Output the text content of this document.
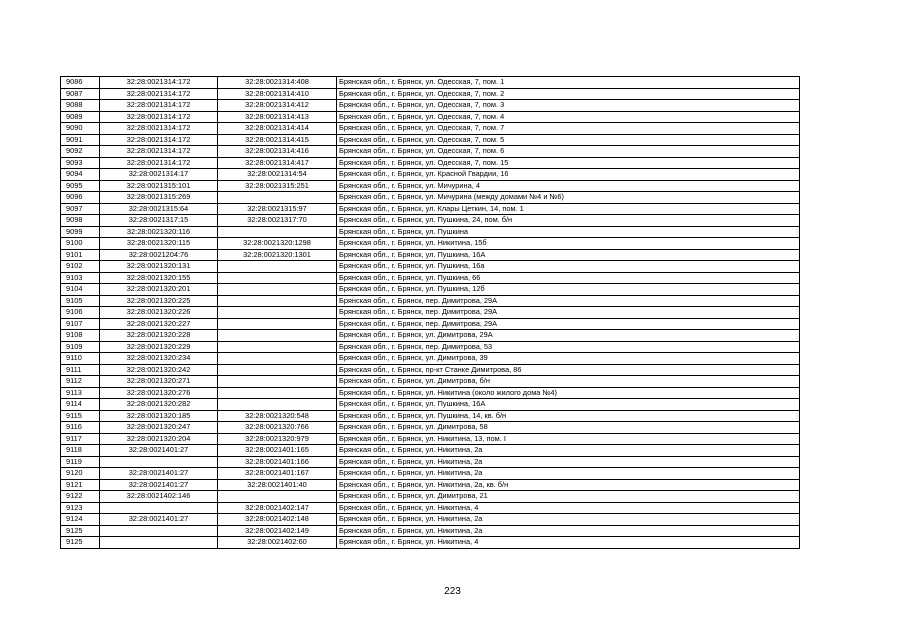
9086	32:28:0021314:172	32:28:0021314:408	Брянская обл., г. Брянск, ул. Одесская, 7, пом. 1
9087	32:28:0021314:172	32:28:0021314:410	Брянская обл., г. Брянск, ул. Одесская, 7, пом. 2
9088	32:28:0021314:172	32:28:0021314:412	Брянская обл., г. Брянск, ул. Одесская, 7, пом. 3
9089	32:28:0021314:172	32:28:0021314:413	Брянская обл., г. Брянск, ул. Одесская, 7, пом. 4
9090	32:28:0021314:172	32:28:0021314:414	Брянская обл., г. Брянск, ул. Одесская, 7, пом. 7
9091	32:28:0021314:172	32:28:0021314:415	Брянская обл., г. Брянск, ул. Одесская, 7, пом. 5
9092	32:28:0021314:172	32:28:0021314:416	Брянская обл., г. Брянск, ул. Одесская, 7, пом. 6
9093	32:28:0021314:172	32:28:0021314:417	Брянская обл., г. Брянск, ул. Одесская, 7, пом. 15
9094	32:28:0021314:17	32:28:0021314:54	Брянская обл., г. Брянск, ул. Красной Гвардии, 16
9095	32:28:0021315:101	32:28:0021315:251	Брянская обл., г. Брянск, ул. Мичурина, 4
9096	32:28:0021315:269		Брянская обл., г. Брянск, ул. Мичурина (между домами №4 и №6)
9097	32:28:0021315:64	32:28:0021315:97	Брянская обл., г. Брянск, ул. Клары Цеткин, 14, пом. 1
9098	32:28:0021317:15	32:28:0021317:70	Брянская обл., г. Брянск, ул. Пушкина, 24, пом. б/н
9099	32:28:0021320:116		Брянская обл., г. Брянск, ул. Пушкина
9100	32:28:0021320:115	32:28:0021320:1298	Брянская обл., г. Брянск, ул. Никитина, 15б
9101	32:28:0021204:76	32:28:0021320:1301	Брянская обл., г. Брянск, ул. Пушкина, 16А
9102	32:28:0021320:131		Брянская обл., г. Брянск, ул. Пушкина, 16а
9103	32:28:0021320:155		Брянская обл., г. Брянск, ул. Пушкина, 66
9104	32:28:0021320:201		Брянская обл., г. Брянск, ул. Пушкина, 12б
9105	32:28:0021320:225		Брянская обл., г. Брянск, пер. Димитрова, 29А
9106	32:28:0021320:226		Брянская обл., г. Брянск, пер. Димитрова, 29А
9107	32:28:0021320:227		Брянская обл., г. Брянск, пер. Димитрова, 29А
9108	32:28:0021320:228		Брянская обл., г. Брянск, ул. Димитрова, 29А
9109	32:28:0021320:229		Брянская обл., г. Брянск, пер. Димитрова, 53
9110	32:28:0021320:234		Брянская обл., г. Брянск, ул. Димитрова, 39
9111	32:28:0021320:242		Брянская обл., г. Брянск, пр-кт Станке Димитрова, 86
9112	32:28:0021320:271		Брянская обл., г. Брянск, ул. Димитрова, б/н
9113	32:28:0021320:276		Брянская обл., г. Брянск, ул. Никитина (около жилого дома №4)
9114	32:28:0021320:282		Брянская обл., г. Брянск, ул. Пушкина, 16А
9115	32:28:0021320:185	32:28:0021320:548	Брянская обл., г. Брянск, ул. Пушкина, 14, кв. б/н
9116	32:28:0021320:247	32:28:0021320:766	Брянская обл., г. Брянск, ул. Димитрова, 58
9117	32:28:0021320:204	32:28:0021320:979	Брянская обл., г. Брянск, ул. Никитина, 13, пом. I
9118	32:28:0021401:27	32:28:0021401:165	Брянская обл., г. Брянск, ул. Никитина, 2а
9119		32:28:0021401:166	Брянская обл., г. Брянск, ул. Никитина, 2а
9120	32:28:0021401:27	32:28:0021401:167	Брянская обл., г. Брянск, ул. Никитина, 2а
9121	32:28:0021401:27	32:28:0021401:40	Брянская обл., г. Брянск, ул. Никитина, 2а, кв. б/н
9122	32:28:0021402:146		Брянская обл., г. Брянск, ул. Димитрова, 21
9123		32:28:0021402:147	Брянская обл., г. Брянск, ул. Никитина, 4
9124	32:28:0021401:27	32:28:0021402:148	Брянская обл., г. Брянск, ул. Никитина, 2а
9125		32:28:0021402:149	Брянская обл., г. Брянск, ул. Никитина, 2а
9125		32:28:0021402:60	Брянская обл., г. Брянск, ул. Никитина, 4
223
